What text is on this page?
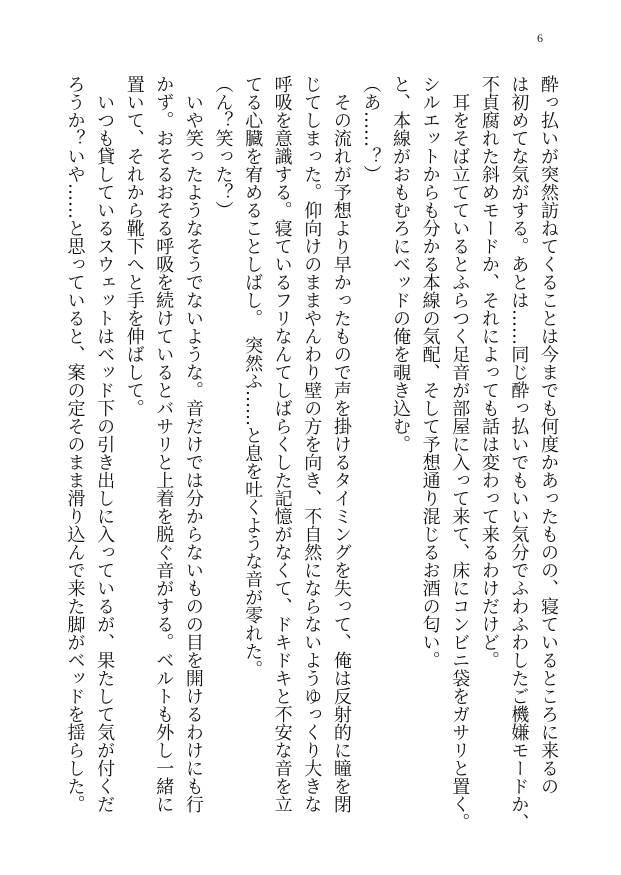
6
酔っ払いが突然訪ねてくることは今までも何度かあったものの、寝ているところに来るの
は初めてな気がする。あとは……同じ酔っ払いでもいい気分でふわふわしたご機嫌モードか、
不貞腐れた斜めモードか、それによっても話は変わって来るわけだけど。
　耳をそば立てているとふらつく足音が部屋に入って来て、床にコンビニ袋をガサリと置く。
シルエットからも分かる本線の気配、そして予想通り混じるお酒の匂い。
と、本線がおもむろにベッドの俺を覗き込む。
（あ……？）
　その流れが予想より早かったもので声を掛けるタイミングを失って、俺は反射的に瞳を閉
じてしまった。仰向けのままやんわり壁の方を向き、不自然にならないようゆっくり大きな
呼吸を意識する。寝ているフリなんてしばらくした記憶がなくて、ドキドキと不安な音を立
てる心臓を宥めることしばし。　突然ふ……と息を吐くような音が零れた。
（ん？笑った？）
　いや笑ったようなそうでないような。音だけでは分からないものの目を開けるわけにも行
かず。おそるおそる呼吸を続けているとバサリと上着を脱ぐ音がする。ベルトも外し一緒に
置いて、それから靴下へと手を伸ばして。
　いつも貸しているスウェットはベッド下の引き出しに入っているが、果たして気が付くだ
ろうか？いや……と思っていると、案の定そのまま滑り込んで来た脚がベッドを揺らした。
